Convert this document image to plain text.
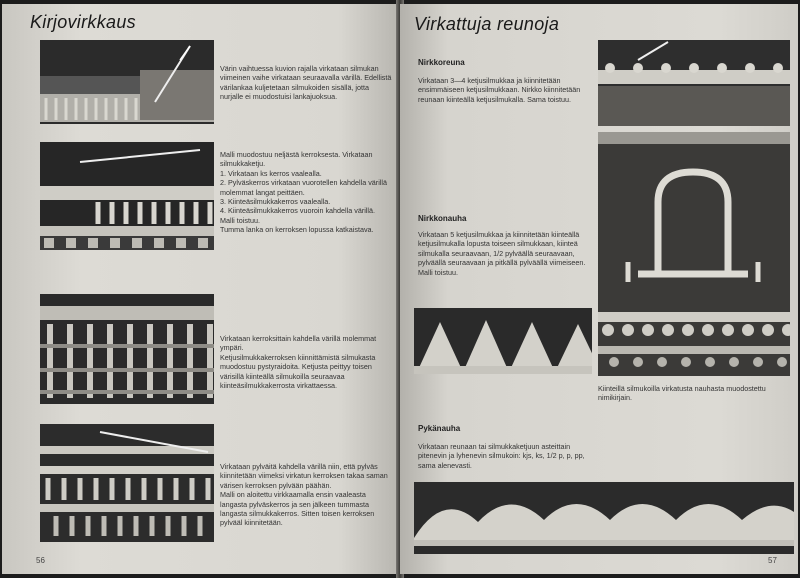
Kirjovirkkaus
Värin vaihtuessa kuvion rajalla virkataan silmukan viimeinen vaihe virkataan seuraavalla värillä. Edellistä värilankaa kuljetetaan silmukoiden sisällä, jotta nurjalle ei muodostuisi lankajuoksua.

Malli muodostuu neljästä kerroksesta. Virkataan silmukkaketju.

1. Virkataan ks kerros vaalealla.

2. Pylväskerros virkataan vuorotellen kahdella värillä molemmat langat peittäen.

3. Kiinteäsilmukkakerros vaalealla.

4. Kiinteäsilmukkakerros vuoroin kahdella värillä.

Malli toistuu.
Tumma lanka on kerroksen lopussa katkaistava.

Virkataan kerroksittain kahdella värillä molemmat ympäri.
Ketjusilmukkakerroksen kiinnittämistä silmukasta muodostuu pystyraidoita. Ketjusta peittyy toisen värisillä kiinteällä silmukoilla seuraavaa kiinteäsilmukkakerrosta virkattaessa.
Virkataan pylväitä kahdella värillä niin, että pylväs kiinnitetään viimeksi virkatun kerroksen takaa saman värisen kerroksen pylvään päähän.
Malli on aloitettu virkkaamalla ensin vaaleasta langasta pylväskerros ja sen jälkeen tummasta langasta silmukkakerros. Sitten toisen kerroksen pylvääl kiinnitetään.
56
Virkattuja reunoja
Nirkkoreuna
Virkataan 3—4 ketjusilmukkaa ja kiinnitetään ensimmäiseen ketjusilmukkaan. Nirkko kiinnitetään reunaan kiinteällä ketjusilmukalla. Sama toistuu.
Nirkkonauha
Virkataan 5 ketjusilmukkaa ja kiinnitetään kiinteällä ketjusilmukalla lopusta toiseen silmukkaan, kiinteä silmukalla seuraavaan, 1/2 pylväällä seuraavaan, pylväällä seuraavaan ja pitkällä pylväällä viimeiseen. Malli toistuu.
Kiinteillä silmukoilla virkatusta nauhasta muodostettu nimikirjain.
Pykänauha
Virkataan reunaan tai silmukkaketjuun asteittain pitenevin ja lyhenevin silmukoin: kjs, ks, 1/2 p, p, pp, sama alenevasti.
57
